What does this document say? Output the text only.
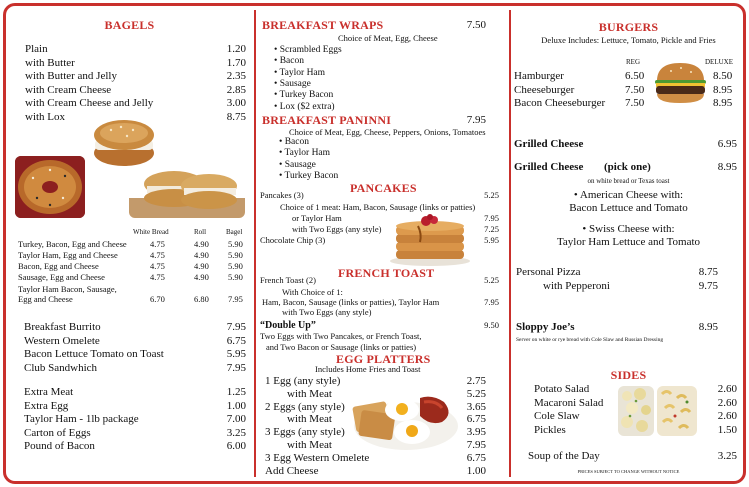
BAGELS
Plain	1.20
with Butter	1.70
with Butter and Jelly	2.35
with Cream Cheese	2.85
with Cream Cheese and Jelly	3.00
with Lox	8.75
White Bread	Roll	Bagel
Turkey, Bacon, Egg and Cheese	4.75	4.90 5.90
Taylor Ham, Egg and Cheese	4.75	4.90 5.90
Bacon, Egg and Cheese	4.75	4.90 5.90
Sausage, Egg and Cheese	4.75	4.90 5.90
Taylor Ham Bacon, Sausage,
Egg and Cheese	6.70	6.80 7.95
Breakfast Burrito	7.95
Western Omelete	6.75
Bacon Lettuce Tomato on Toast	5.95
Club Sandwhich	7.95
Extra Meat	1.25
Extra Egg	1.00
Taylor Ham - 1lb package	7.00
Carton of Eggs	3.25
Pound of Bacon	6.00
BREAKFAST WRAPS	7.50
Choice of Meat, Egg, Cheese
• Scrambled Eggs
• Bacon
• Taylor Ham
• Sausage
• Turkey Bacon
• Lox ($2 extra)
BREAKFAST PANINNI	7.95
Choice of Meat, Egg, Cheese, Peppers, Onions, Tomatoes
• Bacon
• Taylor Ham
• Sausage
• Turkey Bacon
PANCAKES
Pancakes (3)	5.25
Choice of 1 meat: Ham, Bacon, Sausage (links or patties)
or Taylor Ham	7.95
with Two Eggs (any style)	7.25
Chocolate Chip (3)	5.95
FRENCH TOAST
French Toast (2)	5.25
With Choice of 1:
Ham, Bacon, Sausage (links or patties), Taylor Ham	7.95
with Two Eggs (any style)
“Double Up”	9.50
Two Eggs with Two Pancakes, or French Toast,
and Two Bacon or Sausage (links or patties)
EGG PLATTERS
Includes Home Fries and Toast
1 Egg (any style)	2.75
with Meat	5.25
2 Eggs (any style)	3.65
with Meat	6.75
3 Eggs (any style)	3.95
with Meat	7.95
3 Egg Western Omelete	6.75
Add Cheese	1.00
BURGERS
Deluxe Includes: Lettuce, Tomato, Pickle and Fries
REG	DELUXE
Hamburger	6.50	8.50
Cheeseburger	7.50	8.95
Bacon Cheeseburger 7.50	8.95
Grilled Cheese	6.95
Grilled Cheese (pick one)	8.95
on white bread or Texas toast
• American Cheese with:
Bacon Lettuce and Tomato
• Swiss Cheese with:
Taylor Ham Lettuce and Tomato
Personal Pizza	8.75
with Pepperoni	9.75
Sloppy Joe’s	8.95
Server on white or rye bread with Cole Slaw and Russian Dressing
SIDES
Potato Salad	2.60
Macaroni Salad	2.60
Cole Slaw	2.60
Pickles	1.50
Soup of the Day	3.25
PRICES SUBJECT TO CHANGE WITHOUT NOTICE
